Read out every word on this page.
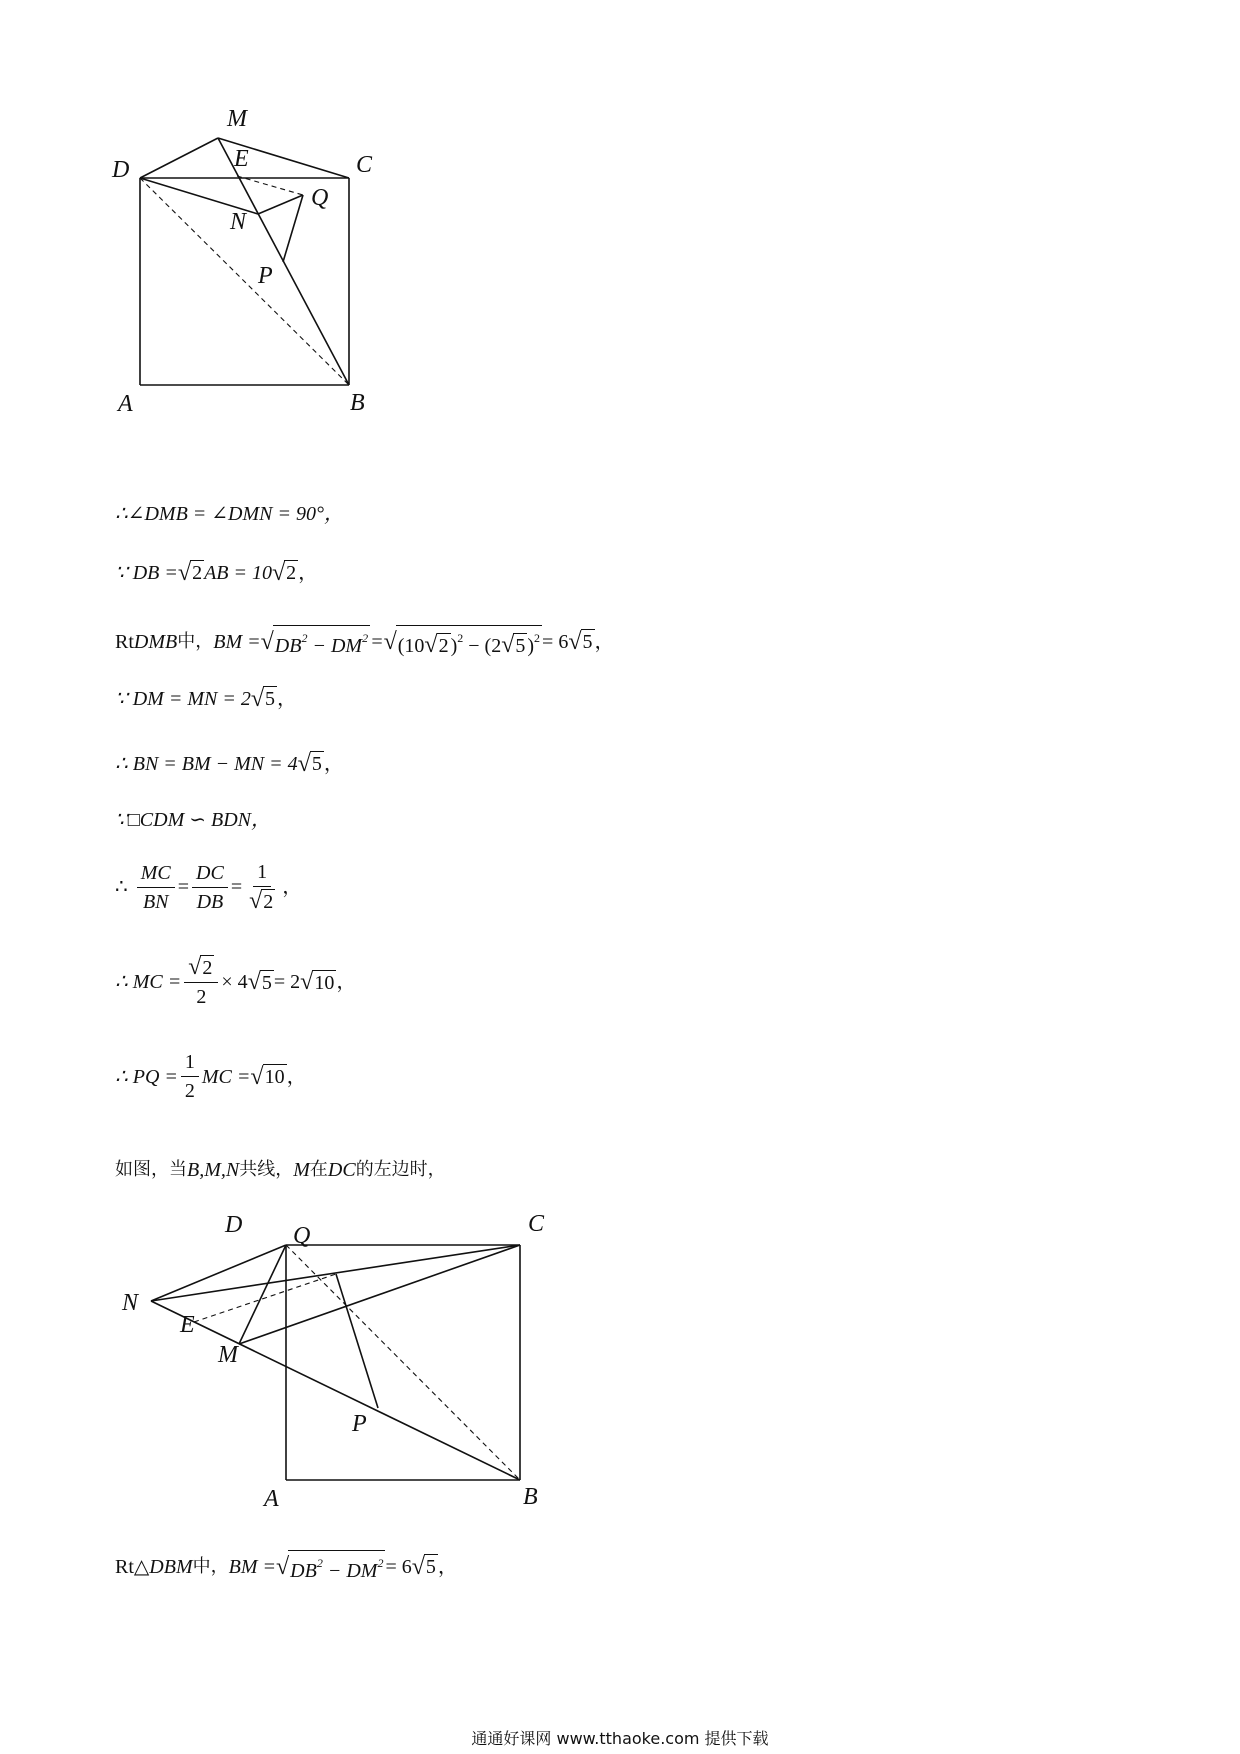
M
E
D	C
Q
N
P
A	B
∴∠DMB = ∠DMN = 90°，
∵ DB = √ 2 AB = 10 √ 2 ，
Rt DMB 中， BM = √ $DB^2 - DM^2$ = √ (10√2 )$^2$ − (2√5 )$^2$ = 6 √ 5 ，
∵ DM = MN = 2 √ 5 ，
∴ BN = BM − MN = 4 √ 5 ，
∵□CDM ∽ BDN，
∴ $\frac{MC}{BN} = \frac{DC}{DB} = \frac{1}{√2}$ ，
∴ MC = $\frac{√2}{2} \times 4$ √ 5 = 2 √ 10 ，
∴ PQ = $\frac{1}{2}$ MC = √ 10 ，
如图，当 B,M,N 共线， M 在 DC 的左边时，
D Q	C
N
E
M
P
A	B
Rt △ DBM 中， BM = √ $DB^2 - DM^2 = 6$ √ 5 ，
通通好课网 www.tthaoke.com 提供下载
